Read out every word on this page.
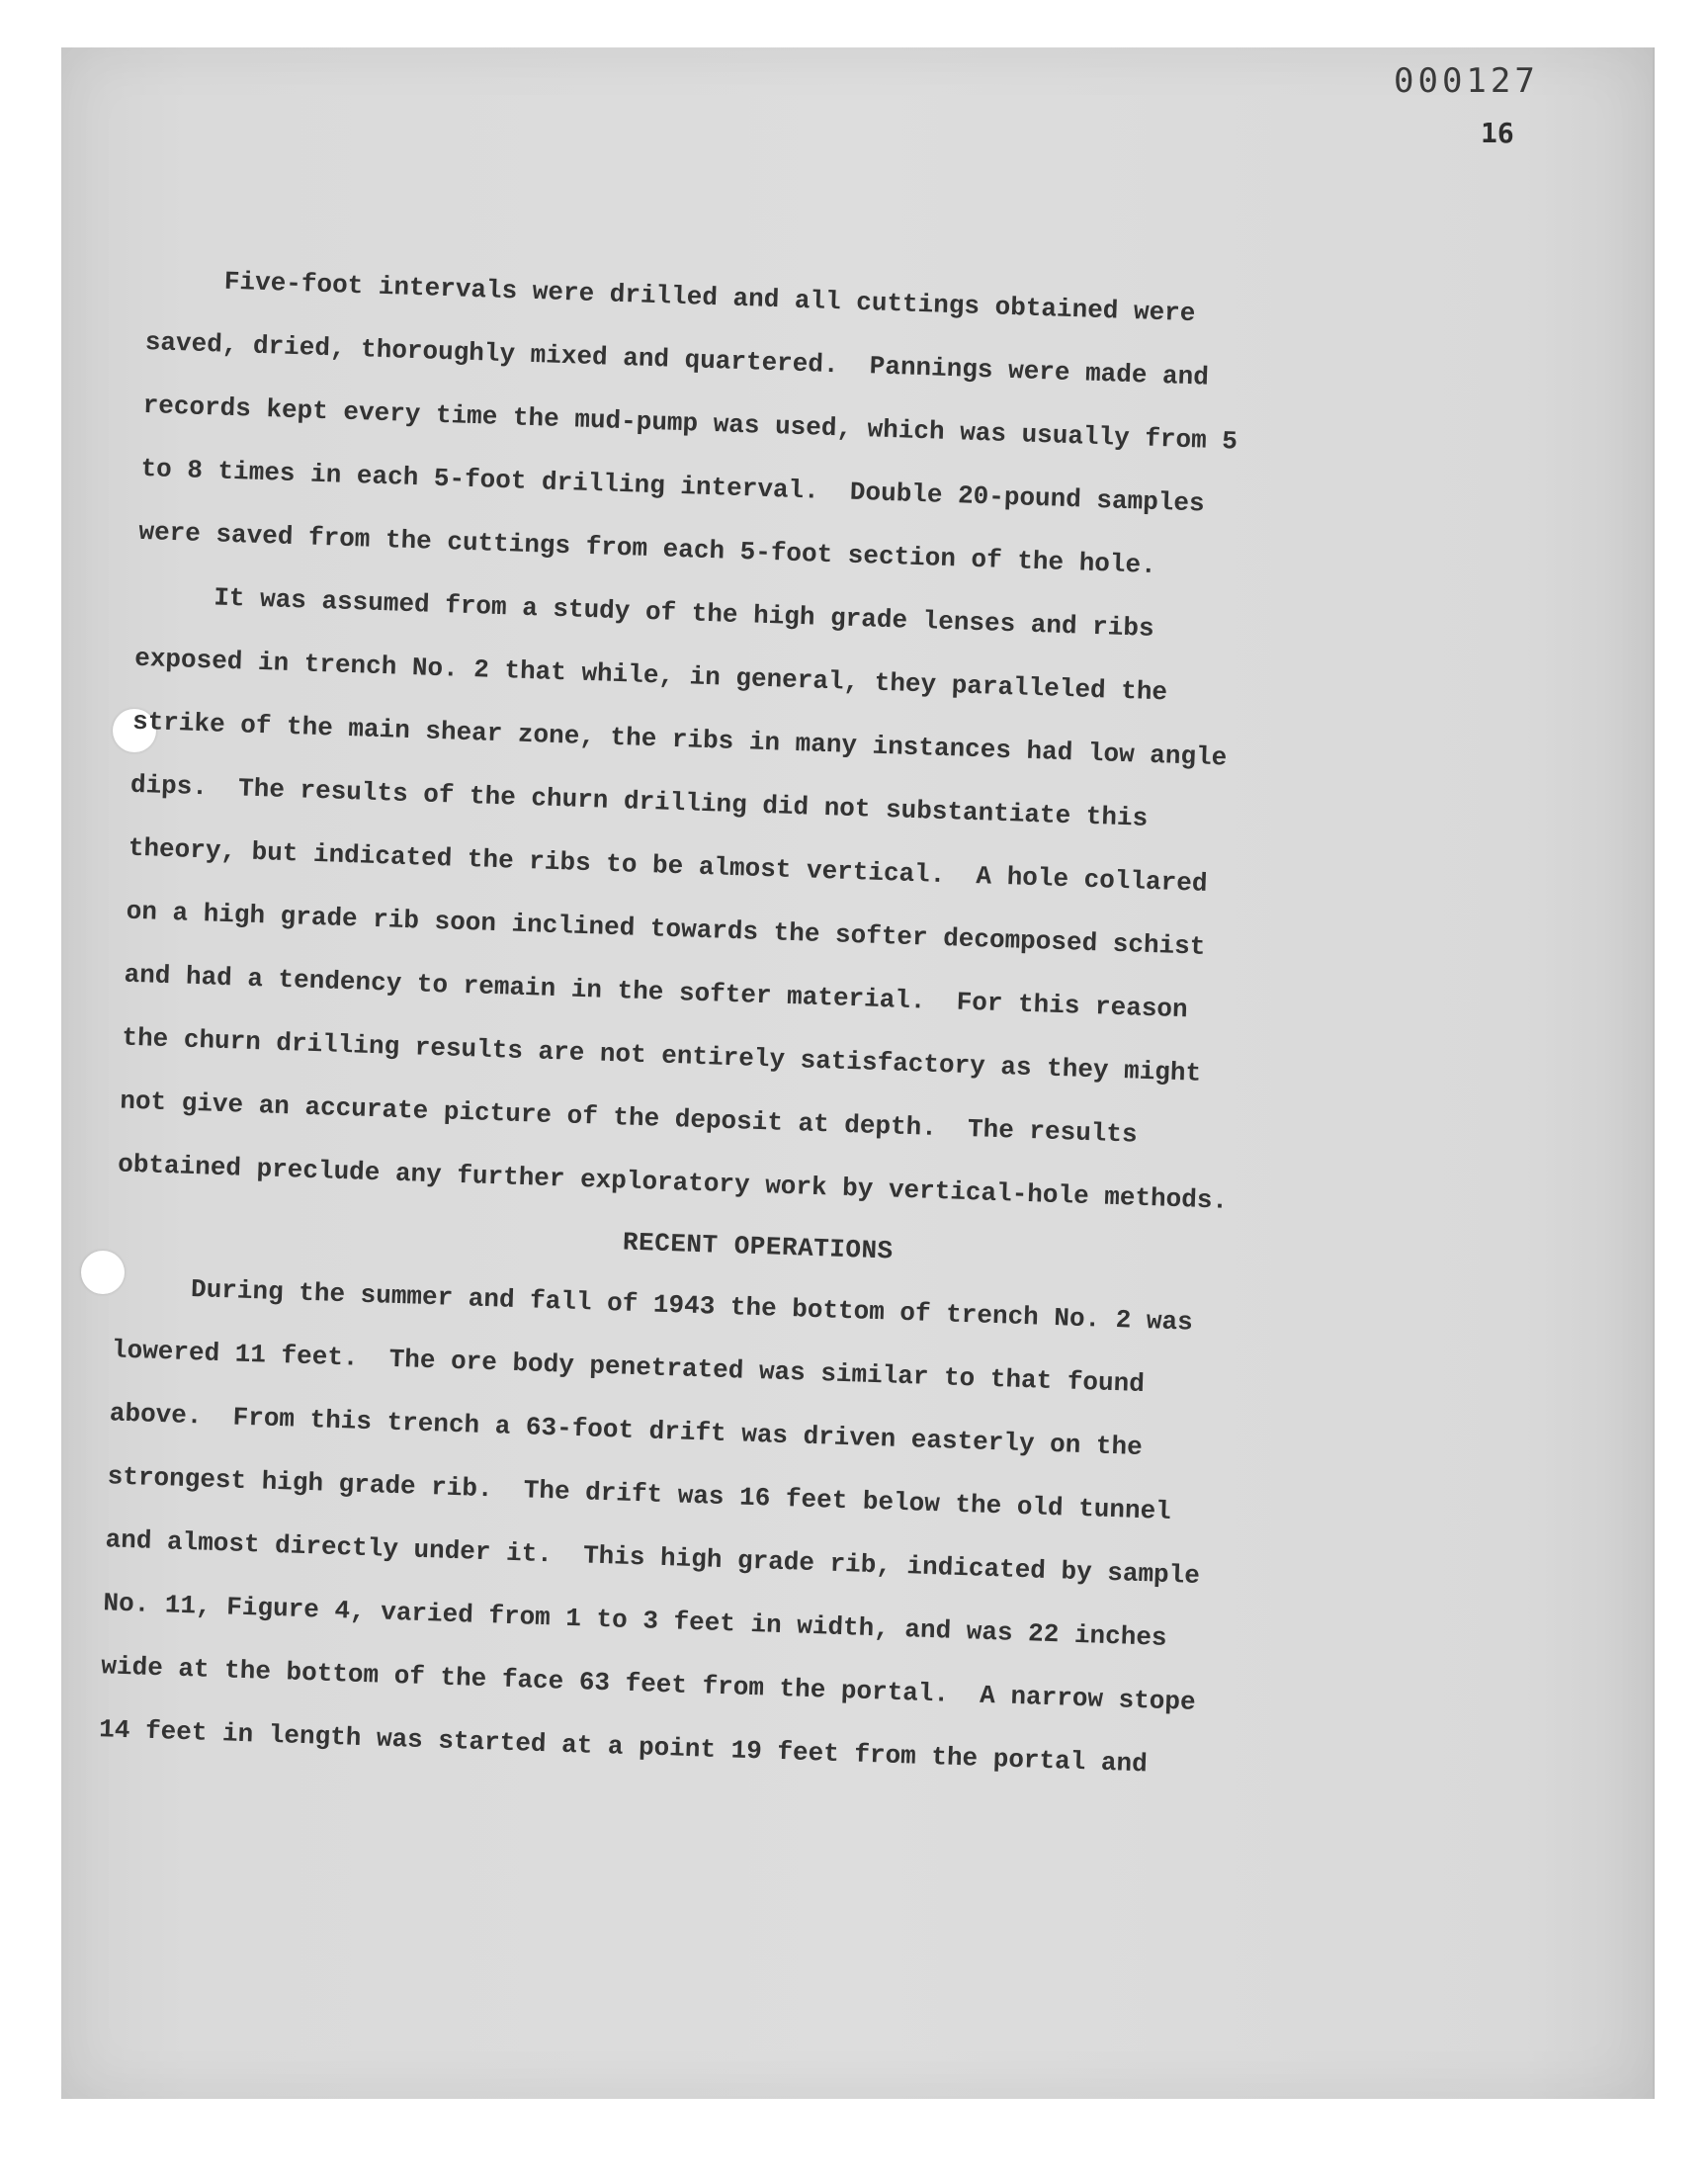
000127
16
Five-foot intervals were drilled and all cuttings obtained were
saved, dried, thoroughly mixed and quartered.  Pannings were made and
records kept every time the mud-pump was used, which was usually from 5
to 8 times in each 5-foot drilling interval.  Double 20-pound samples
were saved from the cuttings from each 5-foot section of the hole.
It was assumed from a study of the high grade lenses and ribs
exposed in trench No. 2 that while, in general, they paralleled the
strike of the main shear zone, the ribs in many instances had low angle
dips.  The results of the churn drilling did not substantiate this
theory, but indicated the ribs to be almost vertical.  A hole collared
on a high grade rib soon inclined towards the softer decomposed schist
and had a tendency to remain in the softer material.  For this reason
the churn drilling results are not entirely satisfactory as they might
not give an accurate picture of the deposit at depth.  The results
obtained preclude any further exploratory work by vertical-hole methods.
RECENT OPERATIONS
During the summer and fall of 1943 the bottom of trench No. 2 was
lowered 11 feet.  The ore body penetrated was similar to that found
above.  From this trench a 63-foot drift was driven easterly on the
strongest high grade rib.  The drift was 16 feet below the old tunnel
and almost directly under it.  This high grade rib, indicated by sample
No. 11, Figure 4, varied from 1 to 3 feet in width, and was 22 inches
wide at the bottom of the face 63 feet from the portal.  A narrow stope
14 feet in length was started at a point 19 feet from the portal and
